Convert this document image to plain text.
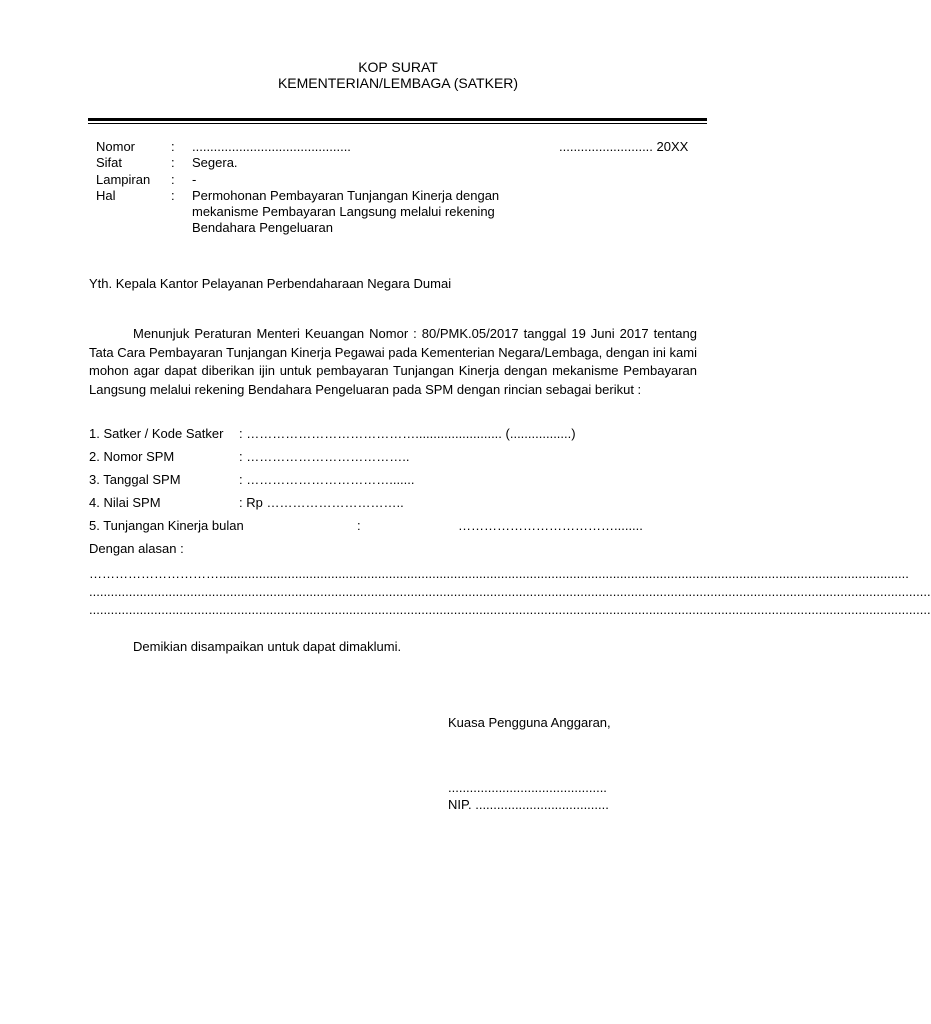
KOP SURAT
KEMENTERIAN/LEMBAGA (SATKER)
Nomor	: ............................................	.......................... 20XX
Sifat	: Segera.
Lampiran : -
Hal	: Permohonan Pembayaran Tunjangan Kinerja dengan
mekanisme Pembayaran Langsung melalui rekening
Bendahara Pengeluaran
Yth. Kepala Kantor Pelayanan Perbendaharaan Negara Dumai
Menunjuk Peraturan Menteri Keuangan Nomor : 80/PMK.05/2017 tanggal 19 Juni 2017 tentang Tata Cara Pembayaran Tunjangan Kinerja Pegawai pada Kementerian Negara/Lembaga, dengan ini kami mohon agar dapat diberikan ijin untuk pembayaran Tunjangan Kinerja dengan mekanisme Pembayaran Langsung melalui rekening Bendahara Pengeluaran pada SPM dengan rincian sebagai berikut :
1. Satker / Kode Satker : …………………………………........................ (.................)
2. Nomor SPM	: ………………………………..
3. Tanggal SPM	: …………………………….......
4. Nilai SPM	: Rp …………………………..
5. Tunjangan Kinerja bulan	:	………………………………........
Dengan alasan :
…………………………...............................................................................................................................................................................................
.........................................................................................................................................................................................................................................
.........................................................................................................................................................................................................................................
Demikian disampaikan untuk dapat dimaklumi.
Kuasa Pengguna Anggaran,
............................................
NIP. .....................................
